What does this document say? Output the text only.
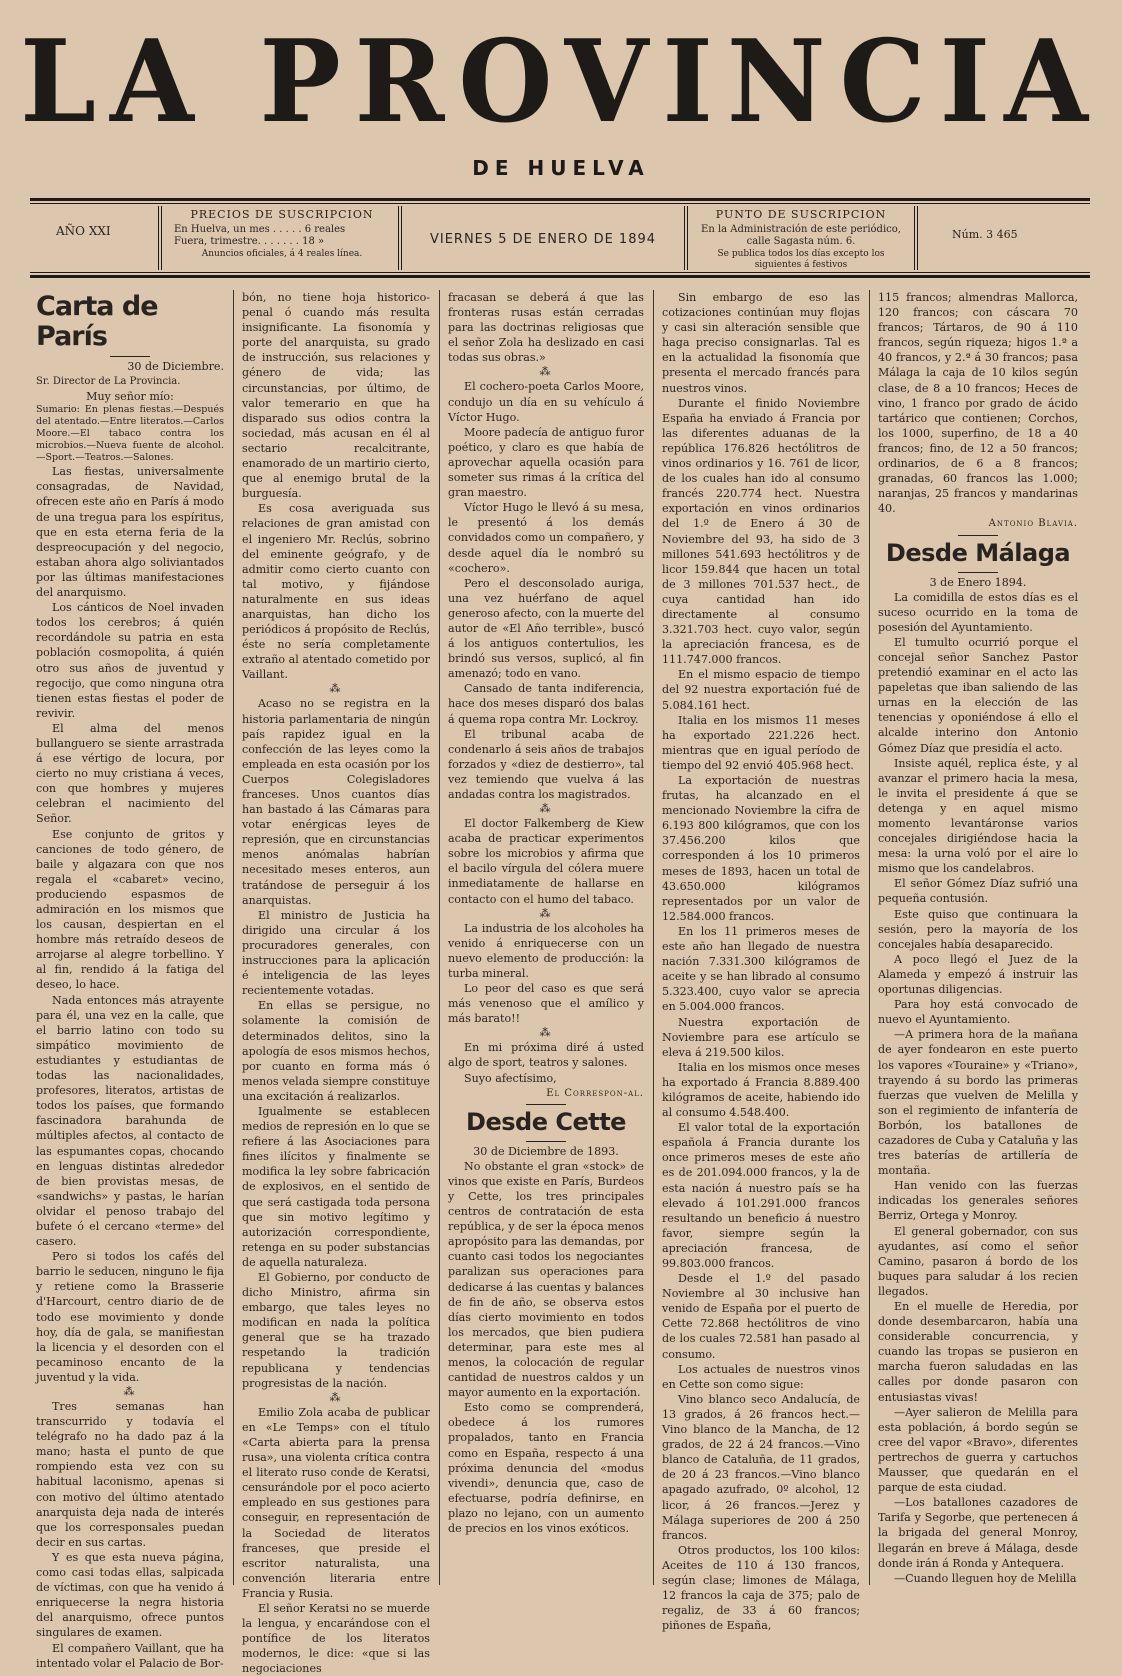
LA PROVINCIA
DE HUELVA
AÑO XXI
PRECIOS DE SUSCRIPCION
En Huelva, un mes . . . . . 6 reales
Fuera, trimestre. . . . . . . 18 »
Anuncios oficiales, á 4 reales línea.
VIERNES 5 DE ENERO DE 1894
PUNTO DE SUSCRIPCION
En la Administración de este periódico,
calle Sagasta núm. 6.
Se publica todos los días excepto los siguientes á festivos
Núm. 3 465
Carta de París

30 de Diciembre.

Sr. Director de La Provincia.

Muy señor mío:

Sumario: En plenas fiestas.—Después del atentado.—Entre literatos.—Carlos Moore.—El tabaco contra los microbios.—Nueva fuente de alcohol.—Sport.—Teatros.—Salones.

Las fiestas, universalmente consagradas, de Navidad, ofrecen este año en París á modo de una tregua para los espíritus, que en esta eterna feria de la despreocupación y del negocio, estaban ahora algo soliviantados por las últimas manifestaciones del anarquismo.

Los cánticos de Noel invaden todos los cerebros; á quién recordándole su patria en esta población cosmopolita, á quién otro sus años de juventud y regocijo, que como ninguna otra tienen estas fiestas el poder de revivir.

El alma del menos bullanguero se siente arrastrada á ese vértigo de locura, por cierto no muy cristiana á veces, con que hombres y mujeres celebran el nacimiento del Señor.

Ese conjunto de gritos y canciones de todo género, de baile y algazara con que nos regala el «cabaret» vecino, produciendo espasmos de admiración en los mismos que los causan, despiertan en el hombre más retraído deseos de arrojarse al alegre torbellino. Y al fin, rendido á la fatiga del deseo, lo hace.

Nada entonces más atrayente para él, una vez en la calle, que el barrio latino con todo su simpático movimiento de estudiantes y estudiantas de todas las nacionalidades, profesores, literatos, artistas de todos los países, que formando fascinadora barahunda de múltiples afectos, al contacto de las espumantes copas, chocando en lenguas distintas alrededor de bien provistas mesas, de «sandwichs» y pastas, le harían olvidar el penoso trabajo del bufete ó el cercano «terme» del casero.

Pero si todos los cafés del barrio le seducen, ninguno le fija y retiene como la Brasserie d'Harcourt, centro diario de de todo ese movimiento y donde hoy, día de gala, se manifiestan la licencia y el desorden con el pecaminoso encanto de la juventud y la vida.

⁂

Tres semanas han transcurrido y todavía el telégrafo no ha dado paz á la mano; hasta el punto de que rompiendo esta vez con su habitual laconismo, apenas si con motivo del último atentado anarquista deja nada de interés que los corresponsales puedan decir en sus cartas.

Y es que esta nueva página, como casi todas ellas, salpicada de víctimas, con que ha venido á enriquecerse la negra historia del anarquismo, ofrece puntos singulares de examen.

El compañero Vaillant, que ha intentado volar el Palacio de Bor-

bón, no tiene hoja historico-penal ó cuando más resulta insignificante. La fisonomía y porte del anarquista, su grado de instrucción, sus relaciones y género de vida; las circunstancias, por último, de valor temerario en que ha disparado sus odios contra la sociedad, más acusan en él al sectario recalcitrante, enamorado de un martirio cierto, que al enemigo brutal de la burguesía.

Es cosa averiguada sus relaciones de gran amistad con el ingeniero Mr. Reclús, sobrino del eminente geógrafo, y de admitir como cierto cuanto con tal motivo, y fijándose naturalmente en sus ideas anarquistas, han dicho los periódicos á propósito de Reclús, éste no sería completamente extraño al atentado cometido por Vaillant.

⁂

Acaso no se registra en la historia parlamentaria de ningún país rapidez igual en la confección de las leyes como la empleada en esta ocasión por los Cuerpos Colegisladores franceses. Unos cuantos días han bastado á las Cámaras para votar enérgicas leyes de represión, que en circunstancias menos anómalas habrían necesitado meses enteros, aun tratándose de perseguir á los anarquistas.

El ministro de Justicia ha dirigido una circular á los procuradores generales, con instrucciones para la aplicación é inteligencia de las leyes recientemente votadas.

En ellas se persigue, no solamente la comisión de determinados delitos, sino la apología de esos mismos hechos, por cuanto en forma más ó menos velada siempre constituye una excitación á realizarlos.

Igualmente se establecen medios de represión en lo que se refiere á las Asociaciones para fines ilícitos y finalmente se modifica la ley sobre fabricación de explosivos, en el sentido de que será castigada toda persona que sin motivo legítimo y autorización correspondiente, retenga en su poder substancias de aquella naturaleza.

El Gobierno, por conducto de dicho Ministro, afirma sin embargo, que tales leyes no modifican en nada la política general que se ha trazado respetando la tradición republicana y tendencias progresistas de la nación.

⁂

Emilio Zola acaba de publicar en «Le Temps» con el título «Carta abierta para la prensa rusa», una violenta crítica contra el literato ruso conde de Keratsi, censurándole por el poco acierto empleado en sus gestiones para conseguir, en representación de la Sociedad de literatos franceses, que preside el escritor naturalista, una convención literaria entre Francia y Rusia.

El señor Keratsi no se muerde la lengua, y encarándose con el pontífice de los literatos modernos, le dice: «que si las negociaciones

fracasan se deberá á que las fronteras rusas están cerradas para las doctrinas religiosas que el señor Zola ha deslizado en casi todas sus obras.»

⁂

El cochero-poeta Carlos Moore, condujo un día en su vehículo á Víctor Hugo.

Moore padecía de antiguo furor poético, y claro es que había de aprovechar aquella ocasión para someter sus rimas á la crítica del gran maestro.

Víctor Hugo le llevó á su mesa, le presentó á los demás convidados como un compañero, y desde aquel día le nombró su «cochero».

Pero el desconsolado auriga, una vez huérfano de aquel generoso afecto, con la muerte del autor de «El Año terrible», buscó á los antiguos contertulios, les brindó sus versos, suplicó, al fin amenazó; todo en vano.

Cansado de tanta indiferencia, hace dos meses disparó dos balas á quema ropa contra Mr. Lockroy.

El tribunal acaba de condenarlo á seis años de trabajos forzados y «diez de destierro», tal vez temiendo que vuelva á las andadas contra los magistrados.

⁂

El doctor Falkemberg de Kiew acaba de practicar experimentos sobre los microbios y afirma que el bacilo vírgula del cólera muere inmediatamente de hallarse en contacto con el humo del tabaco.

⁂

La industria de los alcoholes ha venido á enriquecerse con un nuevo elemento de producción: la turba mineral.

Lo peor del caso es que será más venenoso que el amílico y más barato!!

⁂

En mi próxima diré á usted algo de sport, teatros y salones.

Suyo afectísimo,

El Correspon-al.

Desde Cette

30 de Diciembre de 1893.

No obstante el gran «stock» de vinos que existe en París, Burdeos y Cette, los tres principales centros de contratación de esta república, y de ser la época menos apropósito para las demandas, por cuanto casi todos los negociantes paralizan sus operaciones para dedicarse á las cuentas y balances de fin de año, se observa estos días cierto movimiento en todos los mercados, que bien pudiera determinar, para este mes al menos, la colocación de regular cantidad de nuestros caldos y un mayor aumento en la exportación.

Esto como se comprenderá, obedece á los rumores propalados, tanto en Francia como en España, respecto á una próxima denuncia del «modus vivendi», denuncia que, caso de efectuarse, podría definirse, en plazo no lejano, con un aumento de precios en los vinos exóticos.

Sin embargo de eso las cotizaciones continúan muy flojas y casi sin alteración sensible que haga preciso consignarlas. Tal es en la actualidad la fisonomía que presenta el mercado francés para nuestros vinos.

Durante el finido Noviembre España ha enviado á Francia por las diferentes aduanas de la república 176.826 hectólitros de vinos ordinarios y 16. 761 de licor, de los cuales han ido al consumo francés 220.774 hect. Nuestra exportación en vinos ordinarios del 1.º de Enero á 30 de Noviembre del 93, ha sido de 3 millones 541.693 hectólitros y de licor 159.844 que hacen un total de 3 millones 701.537 hect., de cuya cantidad han ido directamente al consumo 3.321.703 hect. cuyo valor, según la apreciación francesa, es de 111.747.000 francos.

En el mismo espacio de tiempo del 92 nuestra exportación fué de 5.084.161 hect.

Italia en los mismos 11 meses ha exportado 221.226 hect. mientras que en igual período de tiempo del 92 envió 405.968 hect.

La exportación de nuestras frutas, ha alcanzado en el mencionado Noviembre la cifra de 6.193 800 kilógramos, que con los 37.456.200 kilos que corresponden á los 10 primeros meses de 1893, hacen un total de 43.650.000 kilógramos representados por un valor de 12.584.000 francos.

En los 11 primeros meses de este año han llegado de nuestra nación 7.331.300 kilógramos de aceite y se han librado al consumo 5.323.400, cuyo valor se aprecia en 5.004.000 francos.

Nuestra exportación de Noviembre para ese artículo se eleva á 219.500 kilos.

Italia en los mismos once meses ha exportado á Francia 8.889.400 kilógramos de aceite, habiendo ido al consumo 4.548.400.

El valor total de la exportación española á Francia durante los once primeros meses de este año es de 201.094.000 francos, y la de esta nación á nuestro país se ha elevado á 101.291.000 francos resultando un beneficio á nuestro favor, siempre según la apreciación francesa, de 99.803.000 francos.

Desde el 1.º del pasado Noviembre al 30 inclusive han venido de España por el puerto de Cette 72.868 hectólitros de vino de los cuales 72.581 han pasado al consumo.

Los actuales de nuestros vinos en Cette son como sigue:

Vino blanco seco Andalucía, de 13 grados, á 26 francos hect.—Vino blanco de la Mancha, de 12 grados, de 22 á 24 francos.—Vino blanco de Cataluña, de 11 grados, de 20 á 23 francos.—Vino blanco apagado azufrado, 0º alcohol, 12 licor, á 26 francos.—Jerez y Málaga superiores de 200 á 250 francos.

Otros productos, los 100 kilos: Aceites de 110 á 130 francos, según clase; limones de Málaga, 12 francos la caja de 375; palo de regaliz, de 33 á 60 francos; piñones de España,

115 francos; almendras Mallorca, 120 francos; con cáscara 70 francos; Tártaros, de 90 á 110 francos, según riqueza; higos 1.ª a 40 francos, y 2.ª á 30 francos; pasa Málaga la caja de 10 kilos según clase, de 8 a 10 francos; Heces de vino, 1 franco por grado de ácido tartárico que contienen; Corchos, los 1000, superfino, de 18 a 40 francos; fino, de 12 a 50 francos; ordinarios, de 6 a 8 francos; granadas, 60 francos las 1.000; naranjas, 25 francos y mandarinas 40.

Antonio Blavia.

Desde Málaga

3 de Enero 1894.

La comidilla de estos días es el suceso ocurrido en la toma de posesión del Ayuntamiento.

El tumulto ocurrió porque el concejal señor Sanchez Pastor pretendió examinar en el acto las papeletas que iban saliendo de las urnas en la elección de las tenencias y oponiéndose á ello el alcalde interino don Antonio Gómez Díaz que presidía el acto.

Insiste aquél, replica éste, y al avanzar el primero hacia la mesa, le invita el presidente á que se detenga y en aquel mismo momento levantáronse varios concejales dirigiéndose hacia la mesa: la urna voló por el aire lo mismo que los candelabros.

El señor Gómez Díaz sufrió una pequeña contusión.

Este quiso que continuara la sesión, pero la mayoría de los concejales había desaparecido.

A poco llegó el Juez de la Alameda y empezó á instruir las oportunas diligencias.

Para hoy está convocado de nuevo el Ayuntamiento.

—A primera hora de la mañana de ayer fondearon en este puerto los vapores «Touraine» y «Triano», trayendo á su bordo las primeras fuerzas que vuelven de Melilla y son el regimiento de infantería de Borbón, los batallones de cazadores de Cuba y Cataluña y las tres baterías de artillería de montaña.

Han venido con las fuerzas indicadas los generales señores Berriz, Ortega y Monroy.

El general gobernador, con sus ayudantes, así como el señor Camino, pasaron á bordo de los buques para saludar á los recien llegados.

En el muelle de Heredia, por donde desembarcaron, había una considerable concurrencia, y cuando las tropas se pusieron en marcha fueron saludadas en las calles por donde pasaron con entusiastas vivas!

—Ayer salieron de Melilla para esta población, á bordo según se cree del vapor «Bravo», diferentes pertrechos de guerra y cartuchos Mausser, que quedarán en el parque de esta ciudad.

—Los batallones cazadores de Tarifa y Segorbe, que pertenecen á la brigada del general Monroy, llegarán en breve á Málaga, desde donde irán á Ronda y Antequera.

—Cuando lleguen hoy de Melilla
